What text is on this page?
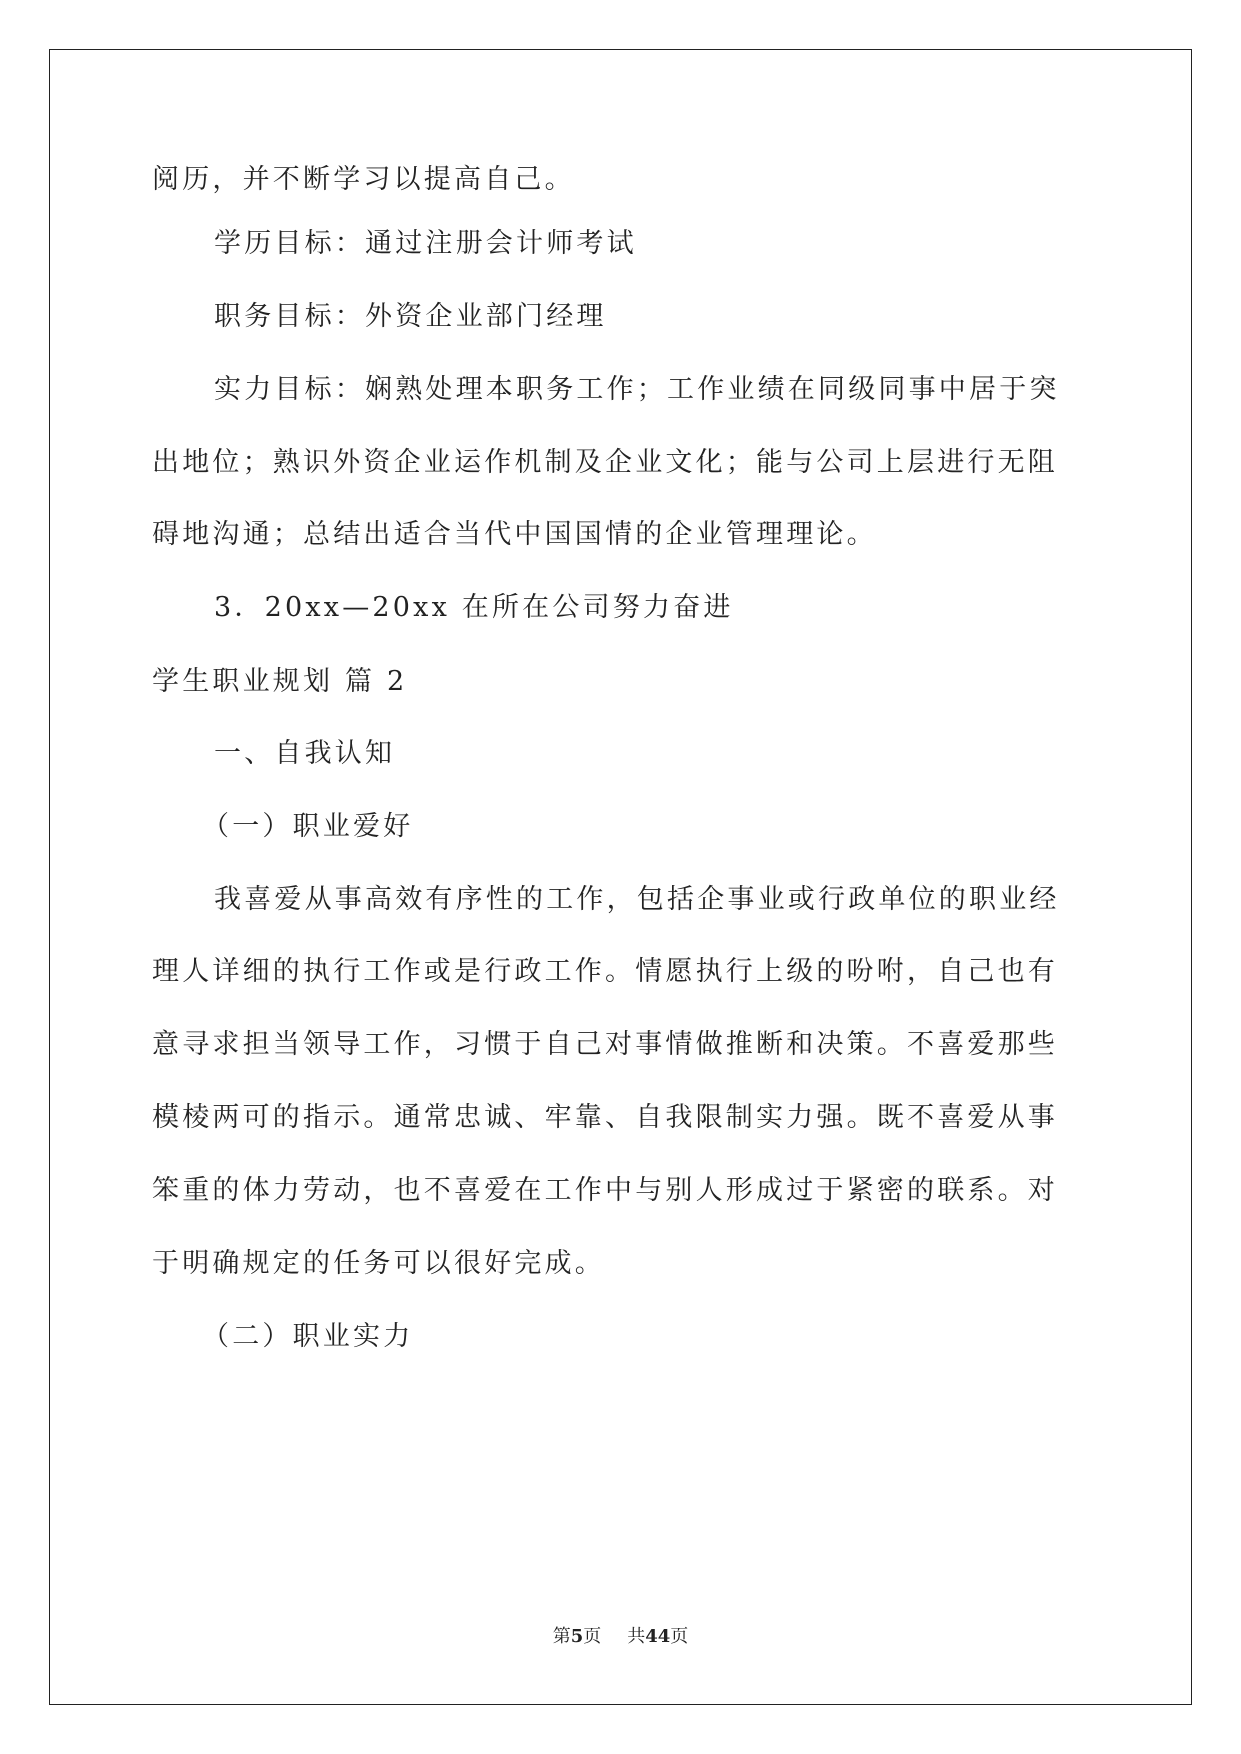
阅历，并不断学习以提高自己。
学历目标：通过注册会计师考试
职务目标：外资企业部门经理
实力目标：娴熟处理本职务工作；工作业绩在同级同事中居于突
出地位；熟识外资企业运作机制及企业文化；能与公司上层进行无阻
碍地沟通；总结出适合当代中国国情的企业管理理论。
3．20xx—20xx 在所在公司努力奋进
学生职业规划 篇 2
一、自我认知
（一）职业爱好
我喜爱从事高效有序性的工作，包括企事业或行政单位的职业经
理人详细的执行工作或是行政工作。情愿执行上级的吩咐，自己也有
意寻求担当领导工作，习惯于自己对事情做推断和决策。不喜爱那些
模棱两可的指示。通常忠诚、牢靠、自我限制实力强。既不喜爱从事
笨重的体力劳动，也不喜爱在工作中与别人形成过于紧密的联系。对
于明确规定的任务可以很好完成。
（二）职业实力
第5页 共44页
